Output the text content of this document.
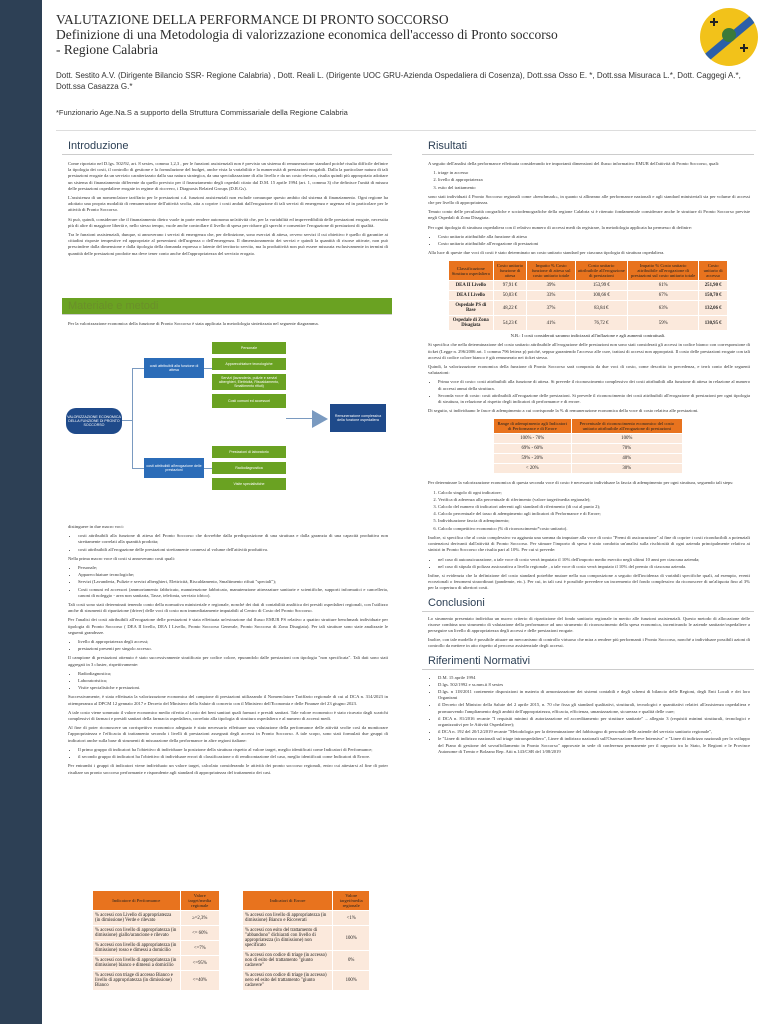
VALUTAZIONE DELLA PERFORMANCE DI PRONTO SOCCORSO
Definizione di una Metodologia di valorizzazione economica dell'accesso di Pronto soccorso
- Regione Calabria
Dott. Sestito A.V. (Dirigente Bilancio SSR- Regione Calabria) , Dott. Reali L. (Dirigente UOC GRU-Azienda Ospedaliera di Cosenza), Dott.ssa Osso E. *, Dott.ssa Misuraca L.*, Dott. Caggegi A.*, Dott.ssa Casazza G.*
*Funzionario Age.Na.S a supporto della Struttura Commissariale della Regione Calabria
Introduzione

Come riportato nel D.lgs. 502/92, art. 8 sexies, comma 1,2,3 , per le funzioni assistenziali non è previsto un sistema di remunerazione standard poiché risulta difficile definire la tipologia dei costi, il controllo di gestione e la formulazione del budget, anche vista la variabilità e la numerosità di prestazioni erogabili. Dalla la particolare natura di tali prestazioni erogate da un servizio caratterizzato dalla sua natura strategica, da una specializzazione di alto livello e da un costo elevato, risulta quindi più appropriato adottare un sistema di finanziamento differente da quello previsto per il finanziamento degli ospedali citato dal D.M. 15 aprile 1994 (art. 1, comma 3) che definisce l'unità di misura delle prestazioni ospedaliere erogate in regime di ricovero, i Diagnosis Related Groups (D.R.Gs).

L'assistenza di un nomenclatore tariffario per le prestazioni c.d. funzioni assistenziali non esclude comunque questo ambito dal sistema di finanziamento. Ogni regione ha adottato una propria modalità di remunerazione dell'attività svolta, atta a coprire i costi andati dall'erogazione di tali servizi di emergenza e urgenza ed in particolare per le attività di Pronto Soccorso.

Si può, quindi, considerare che il finanziamento dietro vuole in parte rendere autonoma un'attività che, per la variabilità ed imprevedibilità delle prestazioni erogate, necessita più di altre di maggiore libertà e, nello stesso tempo, vuole anche controllare il livello di spesa per ridurre gli sprechi e consentire l'erogazione di prestazioni di qualità.

Tra le funzioni assistenziali, dunque, si annoverano i servizi di emergenza che, per definizione, sono esercizi di attesa, ovvero servizi il cui obiettivo è quello di garantire ai cittadini risposte tempestive ed appropriate al presentarsi dell'urgenza o dell'emergenza. Il dimensionamento dei servizi e quindi la quantità di risorse attivate, non può prescindere dalla dimensione e dalla tipologia della domanda espressa o latente del territorio servito, ma la produttività non può essere misurata esclusivamente in termini di quantità delle prestazioni prodotte ma deve tener conto anche dell'appropriatezza del servizio erogato.

Materiale e metodi

Per la valorizzazione economica della funzione di Pronto Soccorso è stata applicata la metodologia sintetizzata nel seguente diagramma.

VALORIZZAZIONE ECONOMICA DELLA FUNZIONE DI PRONTO SOCCORSO
costi attribuibili alla funzione di attesa
costi attribuibili all'erogazione delle prestazioni
Personale
Apparecchiature tecnologiche
Servizi (lavanderia, pulizie e servizi alberghieri, Elettricità, Riscaldamento, Smaltimento rifiuti)
Costi comuni ed accessori
Prestazioni di laboratorio
Radiodiagnostica
Visite specialistiche
Remunerazione complessiva della funzione ospedaliera

distinguere in due macro voci:

• costi attribuibili alla funzione di attesa del Pronto Soccorso che dovrebbe dalla predisposizione di una struttura e dalla garanzia di una capacità produttiva non strettamente correlati alla quantità prodotta;
• costi attribuibili all'erogazione delle prestazioni strettamente connessi al volume dell'attività produttiva.

Nella prima macro voce di costi si annoverano costi quali:

• Personale;
• Apparecchiature tecnologiche;
• Servizi (Lavanderia, Pulizie e servizi alberghieri, Elettricità, Riscaldamento, Smaltimento rifiuti "speciali");
• Costi comuni ed accessori (ammortamento fabbricato, manutenzione fabbricato, manutenzione attrezzature sanitarie e scientifiche, supporti informatici e cancelleria, canoni di noleggio - area non sanitaria, Tasse, telefonia, servizio idrico).

Tali costi sono stati determinati tenendo conto della normativa ministeriale e regionale, nonché dei dati di contabilità analitica dei presidi ospedalieri regionali, con l'utilizzo anche di strumenti di ripartizione (driver) delle voci di costo non immediatamente imputabili al Centro di Costo del Pronto Soccorso.

Per l'analisi dei costi attribuibili all'erogazione delle prestazioni è stata effettuata un'estrazione dal flusso EMUR PS relativo a quattro strutture benchmark individuate per tipologia di Pronto Soccorso ( DEA II livello, DEA I Livello, Pronto Soccorso Generale, Pronto Soccorso di Zona Disagiata). Per tali strutture sono state analizzate le seguenti grandezze.

• livello di appropriatezza degli accessi;
• prestazioni presenti per singolo accesso.

Il campione di prestazioni ottenuto è stato successivamente stratificato per codice colore, epurandolo dalle prestazioni con tipologia "non specificata". Tali dati sono stati aggregati in 3 cluster, rispettivamente:

• Radiodiagnostica;
• Laboratoristica;
• Visite specialistiche e prestazioni.

Successivamente, è stata effettuata la valorizzazione economica del campione di prestazioni utilizzando il Nomenclatore Tariffario regionale di cui al DCA n. 314/2023 in ottemperanza al DPCM 12 gennaio 2017 e Decreto del Ministero della Salute di concerto con il Ministero dell'Economia e delle Finanze del 23 giugno 2023.

A tale costo viene sommato il valore economico medio riferito al costo dei beni sanitari quali farmaci e presidi sanitari. Tale valore economico è stato ricavato dagli scarichi complessivi di farmaci e presidi sanitari della farmacia ospedaliera, correlato alla tipologia di struttura ospedaliera e al numero di accessi medi.

Al fine di poter riconoscere un corrispettivo economico adeguato è stato necessario effettuare una valutazione della performance delle attività svolte così da monitorare l'appropriatezza e l'efficacia di trattamento secondo i livelli di prestazioni assegnati degli accessi in Pronto Soccorso. A tale scopo, sono stati formulati due gruppi di indicatori anche sulla base di strumenti di misurazione della performance in altre regioni italiane:

• Il primo gruppo di indicatori ha l'obiettivo di individuare la posizione della struttura rispetto al valore target, meglio identificati come Indicatori di Performance;
• il secondo gruppo di indicatori ha l'obiettivo di individuare errori di classificazione o di rendicontazione del caso, meglio identificati come Indicatori di Errore.

Per entrambi i gruppi di indicatori viene individuato un valore target, calcolato considerando le attività dei pronto soccorso regionali, entro cui attestarsi al fine di poter risultare un pronto soccorso performante e rispondente agli standard di appropriatezza del trattamento dei casi.

Indicatore di Performance	Valore target/media regionale
% accessi con Livello di appropriatezza (in dimissione) Verde e rilevato	≥=2,3%
% accessi con livello di appropriatezza (in dimissione) giallo/arancione e rilevato	<= 60%
% accessi con livello di appropriatezza (in dimissione) rosso e dimessi a domicilio	<=7%
% accessi con livello di appropriatezza (in dimissione) bianco e dimessi a domicilio	<=95%
% accessi con triage di accesso Bianco e livello di appropriatezza (in dimissione) Bianco	<=40%
Indicatori di Errore	Valore target/media regionale
% accessi con livello di appropriatezza (in dimissione) Bianco e Ricoverati	<1%
% accessi con esito del trattamento di "abbandono" dichiarati con livello di appropriatezza (in dimissione) non specificato	100%
% accessi con codice di triage (in accesso) non di esito del trattamento "giunto cadavere"	0%
% accessi con codice di triage (in accesso) nero ed esito del trattamento "giunto cadavere"	100%
Risultati

A seguito dell'analisi della performance effettuata considerando tre importanti dimensioni del flusso informativo EMUR dell'attività di Pronto Soccorso, quali:

1. triage in accesso
2. livello di appropriatezza
3. esito del trattamento

sono stati individuati 4 Pronto Soccorso regionali come «benchmark», in quanto si allineano alle performance nazionali e agli standard ministeriali sia per volume di accessi che per livello di appropriatezza.

Tenuto conto delle peculiarità orografiche e sociodemografiche della regione Calabria si è ritenuto fondamentale considerare anche le strutture di Pronto Soccorso previste negli Ospedali di Zona Disagiata.

Per ogni tipologia di struttura ospedaliera con il relativo numero di accessi medi da registrare, la metodologia applicata ha permesso di definire:

• Costo unitario attribuibile alla funzione di attesa
• Costo unitario attribuibile all'erogazione di prestazioni

Alla luce di queste due voci di costi è stato determinato un costo unitario standard per ciascuna tipologia di struttura ospedaliera.

Classificazione Struttura ospedaliera	Costo unitario funzione di attesa	Impatto % Costo funzione di attesa sul costo unitario totale	Costo unitario attribuibile all'erogazione di prestazioni	Impatto % Costo unitario attribuibile all'erogazione di prestazioni sul costo unitario totale	Costo unitario di accesso
DEA II Livello	97,91 €	39%	153,99 €	61%	251,90 €
DEA I Livello	50,03 €	33%	100,66 €	67%	150,70 €
Ospedale PS di Base	48,22 €	37%	83,84 €	63%	132,06 €
Ospedale di Zona Disagiata	54,23 €	41%	76,72 €	59%	130,95 €
N.B.: I costi considerati saranno indicizzati all'inflazione e agli aumenti contrattuali.

Si specifica che nella determinazione del costo unitario attribuibile all'erogazione delle prestazioni non sono stati considerati gli accessi in codice bianco con corresponsione di ticket (Legge n. 296/2006 art. 1 comma 796 lettera p) poiché, seppur garantendo l'accesso alle cure, trattasi di accessi non appropriati. Il costo delle prestazioni erogate con tali accessi di codice colore bianco è già remunerato nei ticket stesso.

Quindi, la valorizzazione economica della funzione di Pronto Soccorso sarà composta da due voci di costo, come descritto in precedenza, e terrà conto delle seguenti valutazioni:

• Prima voce di costo: costi attribuibili alla funzione di attesa. Si prevede il riconoscimento complessivo dei costi attribuibili alla funzione di attesa in relazione al numero di accessi annui della struttura.
• Seconda voce di costo: costi attribuibili all'erogazione delle prestazioni. Si prevede il riconoscimento dei costi attribuibili all'erogazione di prestazioni per ogni tipologia di struttura, in relazione al rispetto degli indicatori di performance e di errore.

Di seguito, si individuano le fasce di adempimento a cui corrisponde la % di remunerazione economica della voce di costo relativa alle prestazioni.

Range di adempimento agli Indicatori di Performance e di Errore	Percentuale di riconoscimento economico del costo unitario attribuibile all'erogazione di prestazioni
100% - 70%	100%
69% - 60%	70%
59% - 20%	40%
< 20%	30%

Per determinare la valorizzazione economica di questa seconda voce di costo è necessario individuare la fascia di adempimento per ogni struttura, seguendo tali steps:

1. Calcolo singolo di ogni indicatore;
2. Verifica di aderenza alla percentuale di riferimento (valore target/media regionale);
3. Calcolo del numero di indicatori aderenti agli standard di riferimento (di cui al punto 2);
4. Calcolo percentuale del tasso di adempimento agli indicatori di Performance e di Errore;
5. Individuazione fascia di adempimento;
6. Calcolo competitivo economico (% di riconoscimento*costo unitario).

Inoltre, si specifica che al costo complessivo va aggiunta una somma da imputare alla voce di costo "Premi di assicurazione" al fine di coprire i costi riconducibili a potenziali contenziosi derivanti dall'attività di Pronto Soccorso. Per stimare l'importo di spesa è stato condotta un'analisi sulla rischiosità di ogni azienda principalmente relativa ai sinistri in Pronto Soccorso che risulta pari al 10%. Per cui si prevede:

• nel caso di autoassicurazione, a tale voce di costo verrà imputato il 10% dell'importo medio esercito negli ultimi 10 anni per ciascuna azienda;
• nel caso di stipula di polizza assicurativa a livello regionale , a tale voce di costo verrà imputato il 10% del premio di ciascuna azienda.

Infine, si evidenzia che la definizione del costo standard potrebbe mutare nella sua composizione a seguito dell'incidenza di variabili specifiche quali, ad esempio, eventi eccezionali o fenomeni straordinari (pandemie, etc.). Per cui, in tali casi è possibile prevedere un incremento del fondo complessivo da riconoscere di un'aliquota fino al 3% per la copertura di ulteriori costi.

Conclusioni

Lo strumento presentato individua un nuovo criterio di ripartizione del fondo sanitario regionale in merito alle funzioni assistenziali. Questo metodo di allocazione delle risorse combina uno strumento di valutazione della performance ad uno strumento di riconoscimento della spesa economica, incentivando le aziende sanitarie/ospedaliere a perseguire un livello di appropriatezza degli accessi e delle prestazioni erogate.

Inoltre, con tale modello è possibile attuare un meccanismo di controllo virtuoso che mira a rendere più performanti i Pronto Soccorso, nonché a individuare possibili azioni di controllo da mettere in atto rispetto al percorso assistenziale degli accessi.

Riferimenti Normativi
• D.M. 15 aprile 1994
• D.lgs. 502/1992 e ss.mm.ii 8 sexies
• D.lgs. n 118/2011 contenente disposizioni in materia di armonizzazione dei sistemi contabili e degli schemi di bilancio delle Regioni, degli Enti Locali e dei loro Organismi
• il Decreto del Ministro della Salute del 2 aprile 2015, n. 70 che fissa gli standard qualitativi, strutturali, tecnologici e quantitativi relativi all'assistenza ospedaliera e promuovendo l'ampliamento degli ambiti dell'appropriatezza, efficacia, efficienza, umanizzazione, sicurezza e qualità delle cure;
• il DCA n. 81/2016 recante "I requisiti minimi di autorizzazione ed accreditamento per strutture sanitarie" – allegato 3 (requisiti minimi strutturali, tecnologici e organizzativi per le Attività Ospedaliere);
• il DCA n. 192 del 20/12/2019 recante "Metodologia per la determinazione del fabbisogno di personale delle aziende del servizio sanitario regionale",
• le "Linee di indirizzo nazionali sul triage intraospedaliero", Linee di indirizzo nazionali sull'Osservazione Breve Intensiva" e "Linee di indirizzo nazionali per lo sviluppo del Piano di gestione del sovraffollamento in Pronto Soccorso" approvate in sede di conferenza permanente per il rapporto tra lo Stato, le Regioni e le Province Autonome di Trento e Bolzano Rep. Atti n.143/CSR del 1/08/2019
